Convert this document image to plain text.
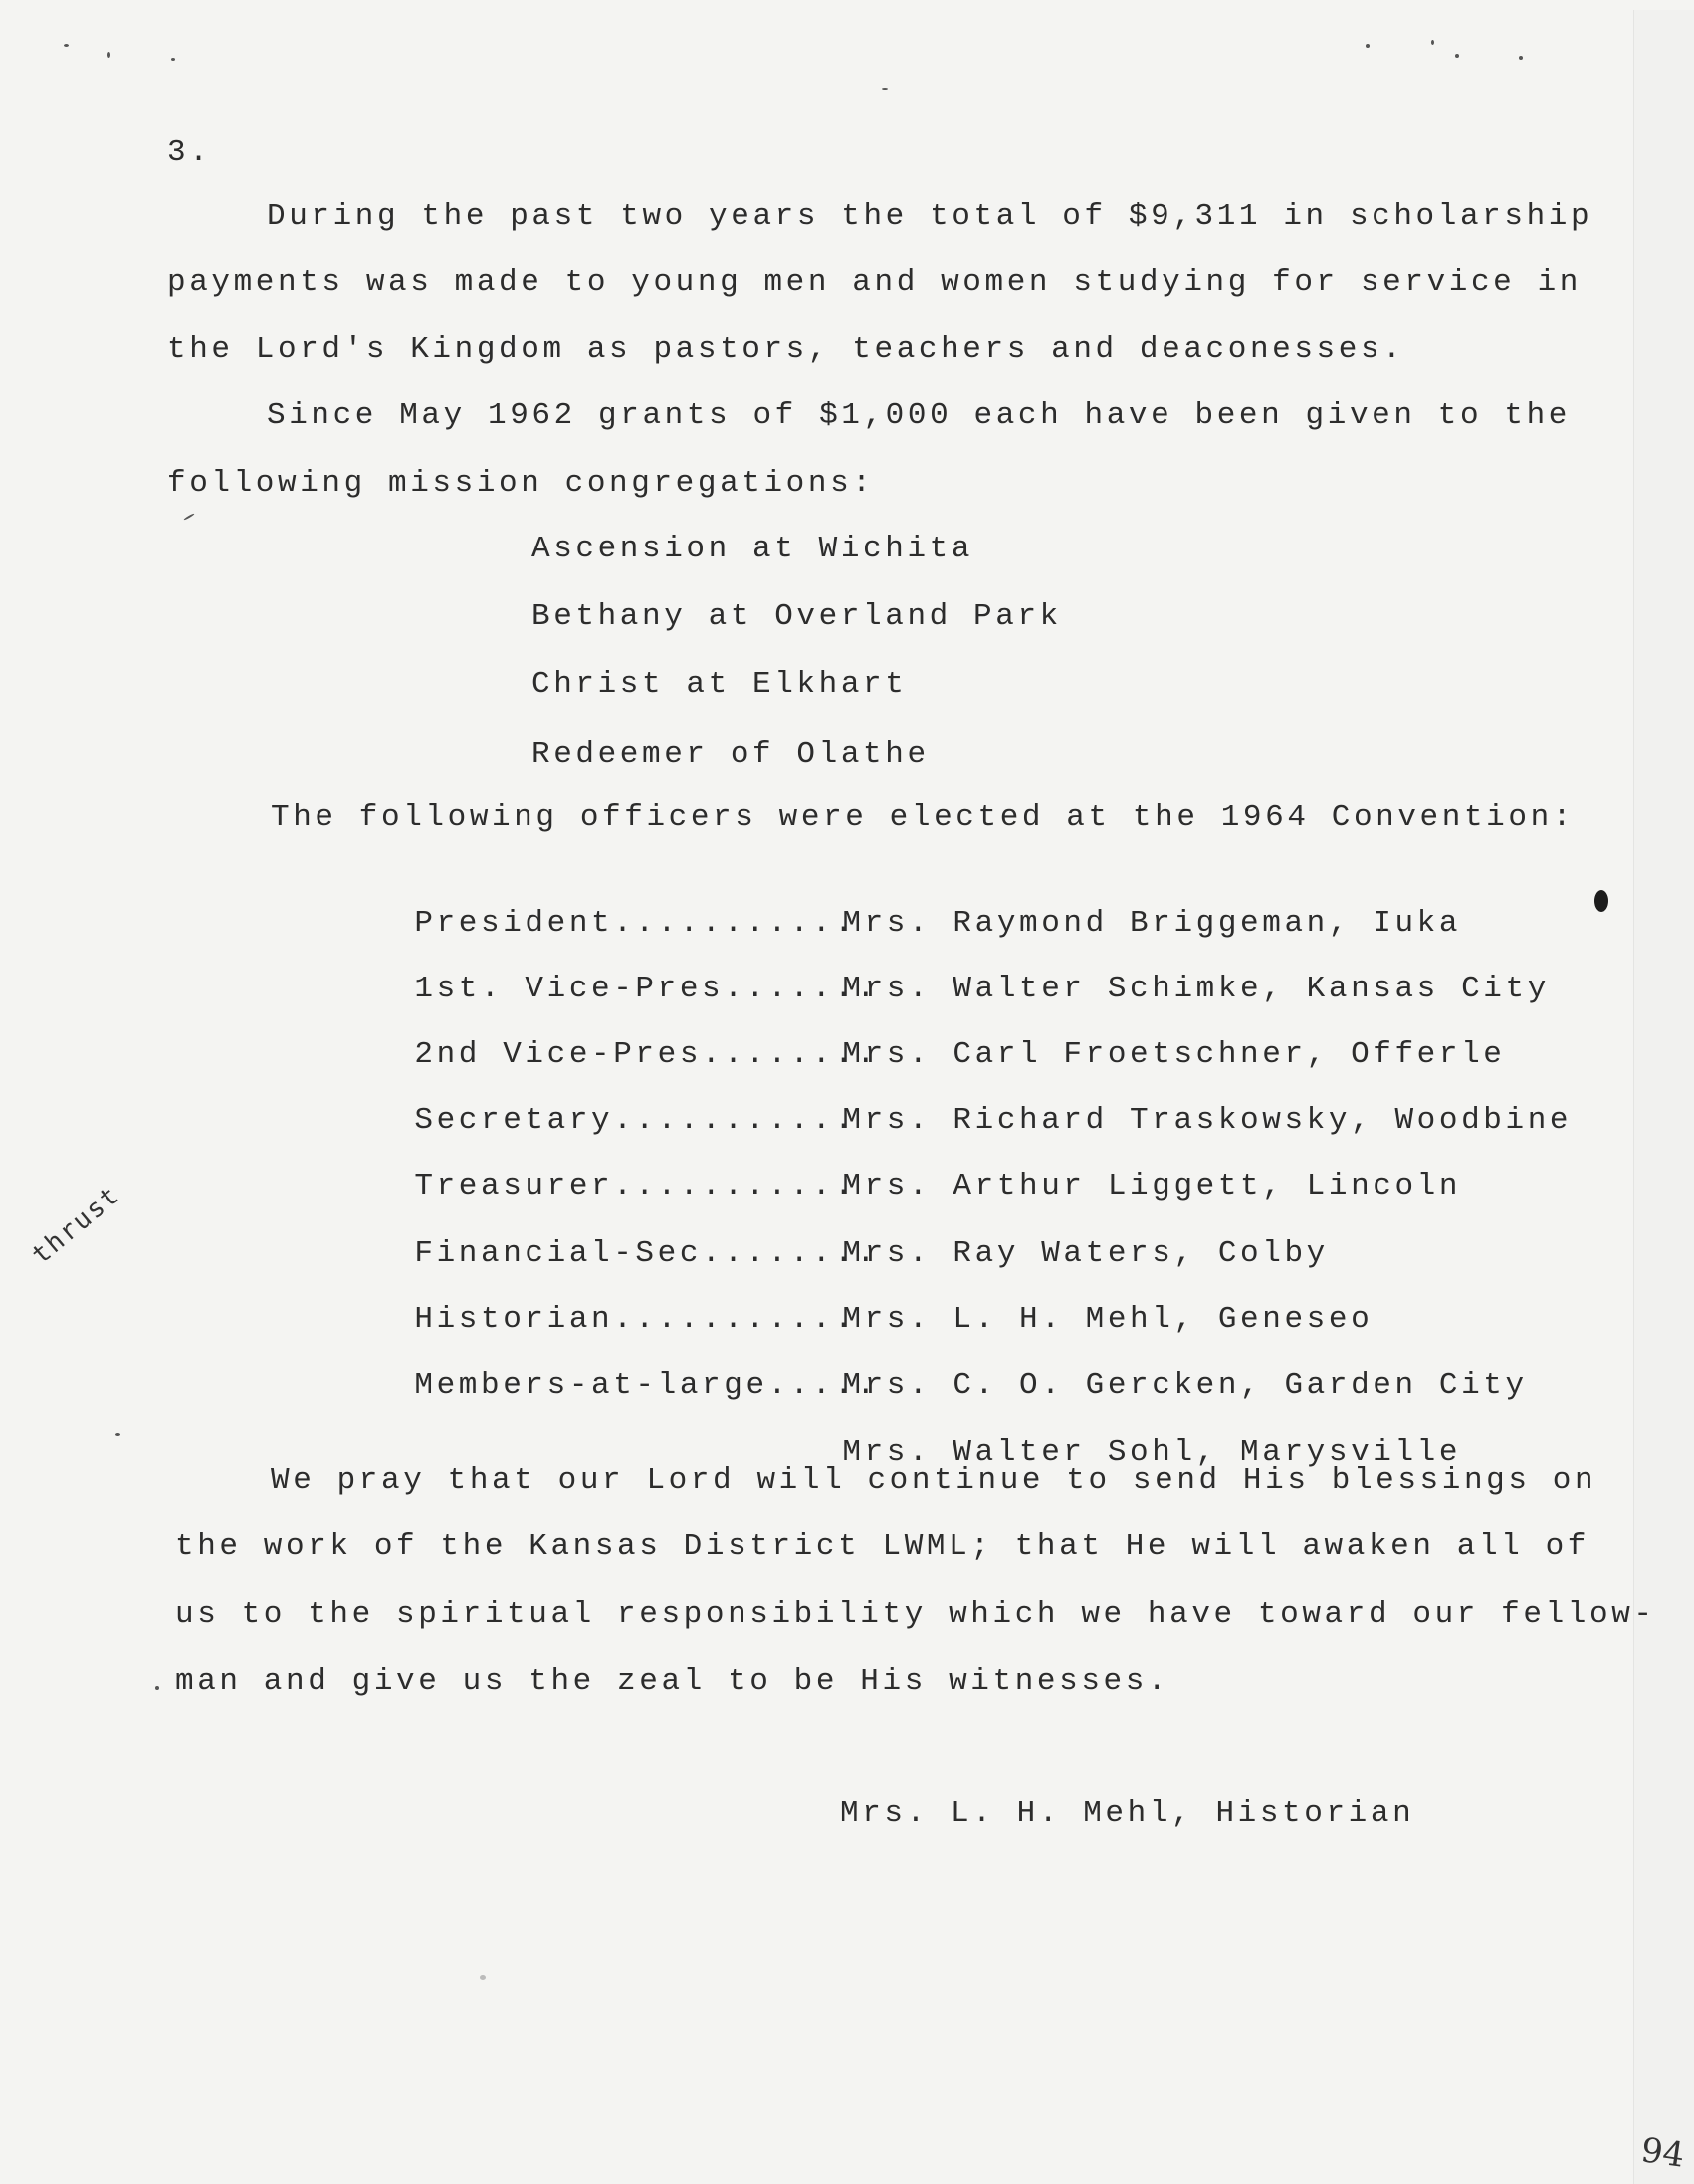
3.
During the past two years the total of $9,311 in scholarship
payments was made to young men and women studying for service in
the Lord's Kingdom as pastors, teachers and deaconesses.
Since May 1962 grants of $1,000 each have been given to the
following mission congregations:
Ascension at Wichita
Bethany at Overland Park
Christ at Elkhart
Redeemer of Olathe
The following officers were elected at the 1964 Convention:

President...........Mrs. Raymond Briggeman, Iuka

1st. Vice-Pres.......Mrs. Walter Schimke, Kansas City

2nd Vice-Pres........Mrs. Carl Froetschner, Offerle

Secretary...........Mrs. Richard Traskowsky, Woodbine

Treasurer...........Mrs. Arthur Liggett, Lincoln

Financial-Sec........Mrs. Ray Waters, Colby

Historian...........Mrs. L. H. Mehl, Geneseo

Members-at-large.....Mrs. C. O. Gercken, Garden City

Mrs. Walter Sohl, Marysville

We pray that our Lord will continue to send His blessings on
the work of the Kansas District LWML; that He will awaken all of
us to the spiritual responsibility which we have toward our fellow-
man and give us the zeal to be His witnesses.
Mrs. L. H. Mehl, Historian
thrust
94
